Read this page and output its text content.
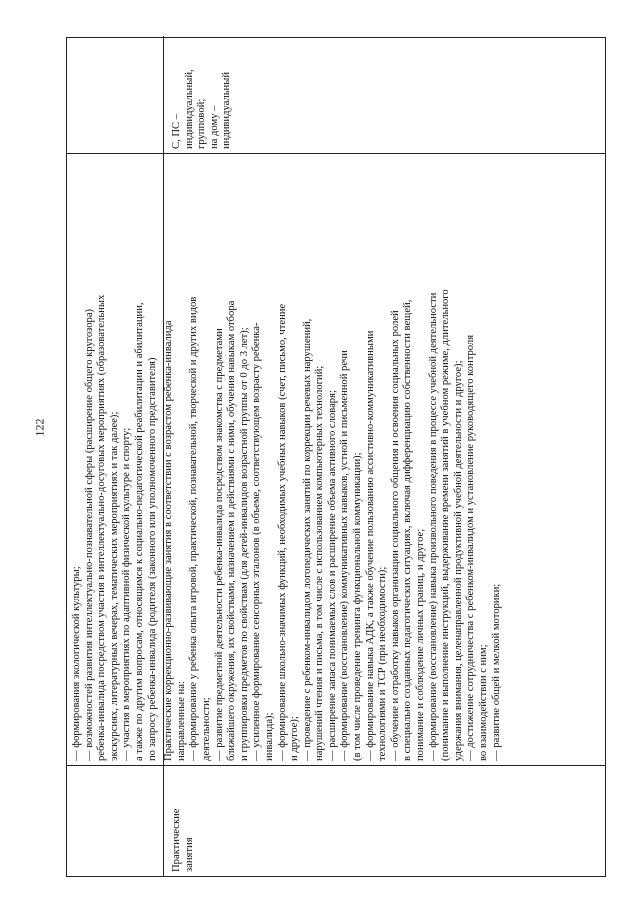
122
Практические занятия
— формирования экологической культуры; — возможностей развития интеллектуально-познавательной сферы (расширение общего кругозора) ребенка-инвалида посредством участия в интеллектуально-досуговых мероприятиях (образовательных экскурсиях, литературных вечерах, тематических мероприятиях и так далее); — участия в мероприятиях по адаптивной физической культуре и спорту; а также по другим вопросам, относящимся к социально-педагогической реабилитации и абилитации, по запросу ребенка-инвалида (родителя (законного или уполномоченного представителя) Практические коррекционно-развивающие занятия в соответствии с возрастом ребенка-инвалида направленные на: — формирование у ребенка опыта игровой, практической, познавательной, творческой и других видов деятельности; — развитие предметной деятельности ребенка-инвалида посредством знакомства с предметами ближайшего окружения, их свойствами, назначением и действиями с ними, обучения навыкам отбора и группировки предметов по свойствам (для детей-инвалидов возрастной группы от 0 до 3 лет); — усиленное формирование сенсорных эталонов (в объеме, соответствующем возрасту ребенка- инвалида); — формирование школьно-значимых функций, необходимых учебных навыков (счет, письмо, чтение и другое); — проведение с ребенком-инвалидом логопедических занятий по коррекции речевых нарушений, нарушений чтения и письма, в том числе с использованием компьютерных технологий; — расширение запаса понимаемых слов и расширение объема активного словаря; — формирование (восстановление) коммуникативных навыков, устной и письменной речи (в том числе проведение тренинга функциональной коммуникации); — формирование навыка АДК, а также обучение пользованию ассистивно-коммуникативными технологиями и ТСР (при необходимости); — обучение и отработку навыков организации социального общения и освоения социальных ролей в специально созданных педагогических ситуациях, включая дифференциацию собственности вещей, понимание и соблюдение личных границ, и другое; — формирование (восстановление) навыка произвольного поведения в процессе учебной деятельности (понимание и выполнение инструкций, выдерживание времени занятий в учебном режиме, длительного удержания внимания, целенаправленной продуктивной учебной деятельности и другое); — достижение сотрудничества с ребенком-инвалидом и установление руководящего контроля во взаимодействии с ним; — развитие общей и мелкой моторики;
С, ПС – индивидуальный, групповой; на дому – индивидуальный
